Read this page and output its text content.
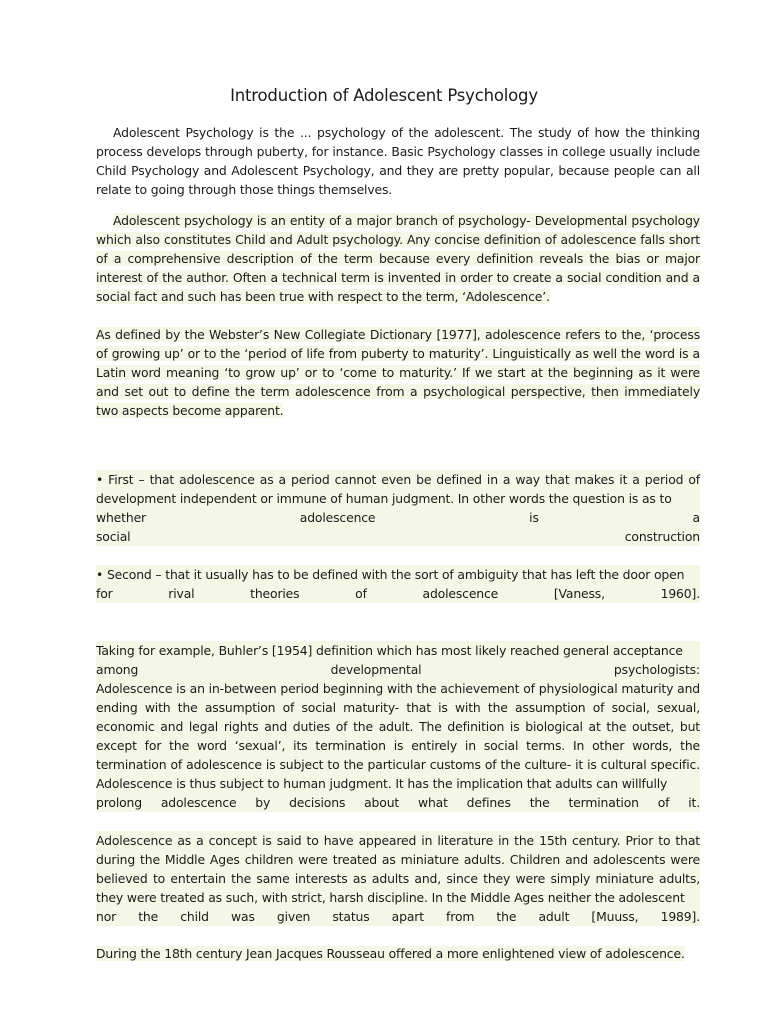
Introduction of Adolescent Psychology

Adolescent Psychology is the ... psychology of the adolescent. The study of how the thinking process develops through puberty, for instance. Basic Psychology classes in college usually include Child Psychology and Adolescent Psychology, and they are pretty popular, because people can all relate to going through those things themselves.

Adolescent psychology is an entity of a major branch of psychology- Developmental psychology which also constitutes Child and Adult psychology. Any concise definition of adolescence falls short of a comprehensive description of the term because every definition reveals the bias or major interest of the author. Often a technical term is invented in order to create a social condition and a social fact and such has been true with respect to the term, ‘Adolescence’.

As defined by the Webster’s New Collegiate Dictionary [1977], adolescence refers to the, ‘process of growing up’ or to the ‘period of life from puberty to maturity’. Linguistically as well the word is a Latin word meaning ‘to grow up’ or to ‘come to maturity.’ If we start at the beginning as it were and set out to define the term adolescence from a psychological perspective, then immediately two aspects become apparent.

• First – that adolescence as a period cannot even be defined in a way that makes it a period of development independent or immune of human judgment. In other words the question is as to
whether adolescence is a
social construction
• Second – that it usually has to be defined with the sort of ambiguity that has left the door open
for rival theories of adolescence [Vaness, 1960].
Taking for example, Buhler’s [1954] definition which has most likely reached general acceptance
among developmental psychologists:
Adolescence is an in-between period beginning with the achievement of physiological maturity and ending with the assumption of social maturity- that is with the assumption of social, sexual, economic and legal rights and duties of the adult. The definition is biological at the outset, but except for the word ‘sexual’, its termination is entirely in social terms. In other words, the termination of adolescence is subject to the particular customs of the culture- it is cultural specific. Adolescence is thus subject to human judgment. It has the implication that adults can willfully
prolong adolescence by decisions about what defines the termination of it.
Adolescence as a concept is said to have appeared in literature in the 15th century. Prior to that during the Middle Ages children were treated as miniature adults. Children and adolescents were believed to entertain the same interests as adults and, since they were simply miniature adults, they were treated as such, with strict, harsh discipline. In the Middle Ages neither the adolescent
nor the child was given status apart from the adult [Muuss, 1989].

During the 18th century Jean Jacques Rousseau offered a more enlightened view of adolescence.
